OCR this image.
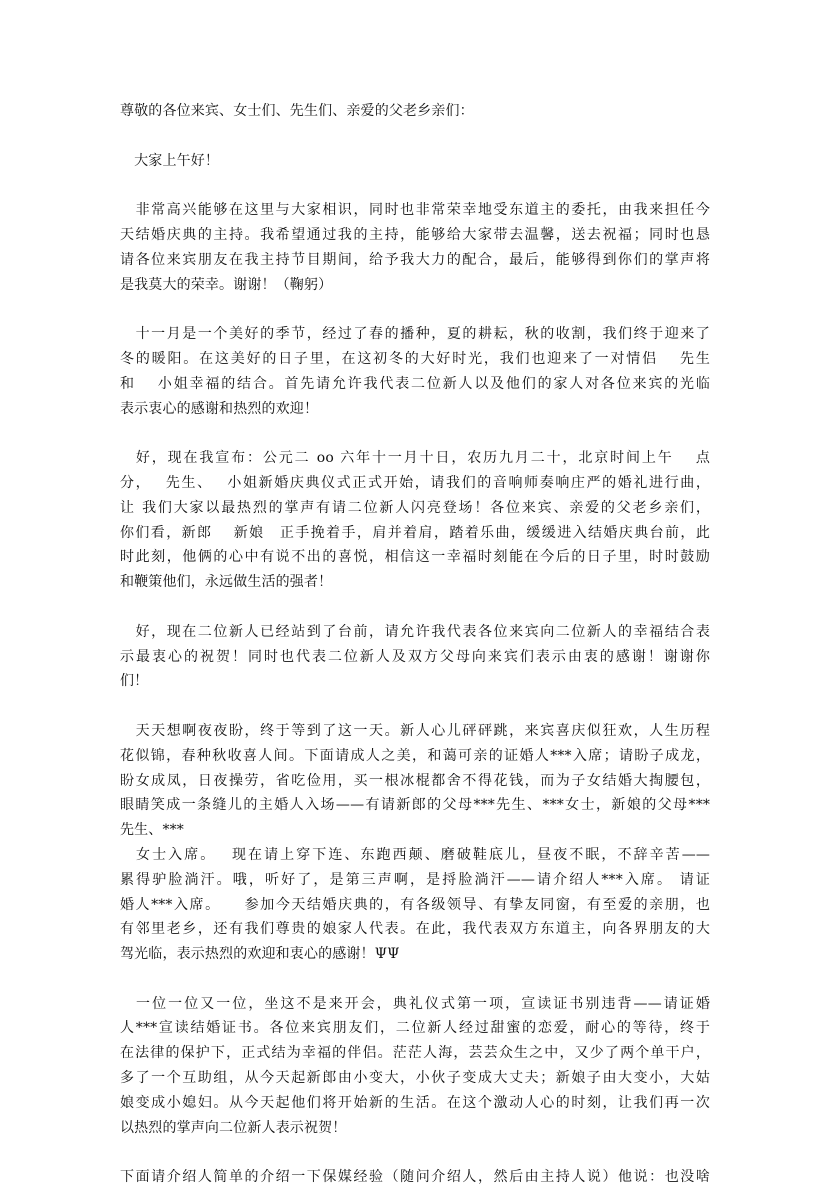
尊敬的各位来宾、女士们、先生们、亲爱的父老乡亲们：
　大家上午好！
　非常高兴能够在这里与大家相识，同时也非常荣幸地受东道主的委托，由我来担任今
天结婚庆典的主持。我希望通过我的主持，能够给大家带去温馨，送去祝福；同时也恳
请各位来宾朋友在我主持节目期间，给予我大力的配合，最后，能够得到你们的掌声将
是我莫大的荣幸。谢谢！（鞠躬）
　十一月是一个美好的季节，经过了春的播种，夏的耕耘，秋的收割，我们终于迎来了
冬的暖阳。在这美好的日子里，在这初冬的大好时光，我们也迎来了一对情侣　 先生
和　 小姐幸福的结合。首先请允许我代表二位新人以及他们的家人对各位来宾的光临
表示衷心的感谢和热烈的欢迎！
　好，现在我宣布：公元二 oo 六年十一月十日，农历九月二十，北京时间上午　 点
分，　 先生、　 小姐新婚庆典仪式正式开始，请我们的音响师奏响庄严的婚礼进行曲，
让 我们大家以最热烈的掌声有请二位新人闪亮登场！各位来宾、亲爱的父老乡亲们，
你们看，新郎　 新娘　正手挽着手，肩并着肩，踏着乐曲，缓缓进入结婚庆典台前，此
时此刻，他俩的心中有说不出的喜悦，相信这一幸福时刻能在今后的日子里，时时鼓励
和鞭策他们，永远做生活的强者！
　好，现在二位新人已经站到了台前，请允许我代表各位来宾向二位新人的幸福结合表
示最衷心的祝贺！同时也代表二位新人及双方父母向来宾们表示由衷的感谢！谢谢你
们！
　天天想啊夜夜盼，终于等到了这一天。新人心儿砰砰跳，来宾喜庆似狂欢，人生历程
花似锦，春种秋收喜人间。下面请成人之美，和蔼可亲的证婚人***入席；请盼子成龙，
盼女成凤，日夜操劳，省吃俭用，买一根冰棍都舍不得花钱，而为子女结婚大掏腰包，
眼睛笑成一条缝儿的主婚人入场——有请新郎的父母***先生、***女士，新娘的父母***
先生、***
　女士入席。　 现在请上穿下连、东跑西颠、磨破鞋底儿，昼夜不眠，不辞辛苦——
累得驴脸淌汗。哦，听好了，是第三声啊，是捋脸淌汗——请介绍人***入席。 请证
婚人***入席。　　参加今天结婚庆典的，有各级领导、有挚友同窗，有至爱的亲朋，也
有邻里老乡，还有我们尊贵的娘家人代表。在此，我代表双方东道主，向各界朋友的大
驾光临，表示热烈的欢迎和衷心的感谢！ΨΨ
　一位一位又一位，坐这不是来开会，典礼仪式第一项，宣读证书别违背——请证婚
人***宣读结婚证书。各位来宾朋友们，二位新人经过甜蜜的恋爱，耐心的等待，终于
在法律的保护下，正式结为幸福的伴侣。茫茫人海，芸芸众生之中，又少了两个单干户，
多了一个互助组，从今天起新郎由小变大，小伙子变成大丈夫；新娘子由大变小，大姑
娘变成小媳妇。从今天起他们将开始新的生活。在这个激动人心的时刻，让我们再一次
以热烈的掌声向二位新人表示祝贺！
下面请介绍人简单的介绍一下保媒经验（随问介绍人，然后由主持人说）他说：也没啥
